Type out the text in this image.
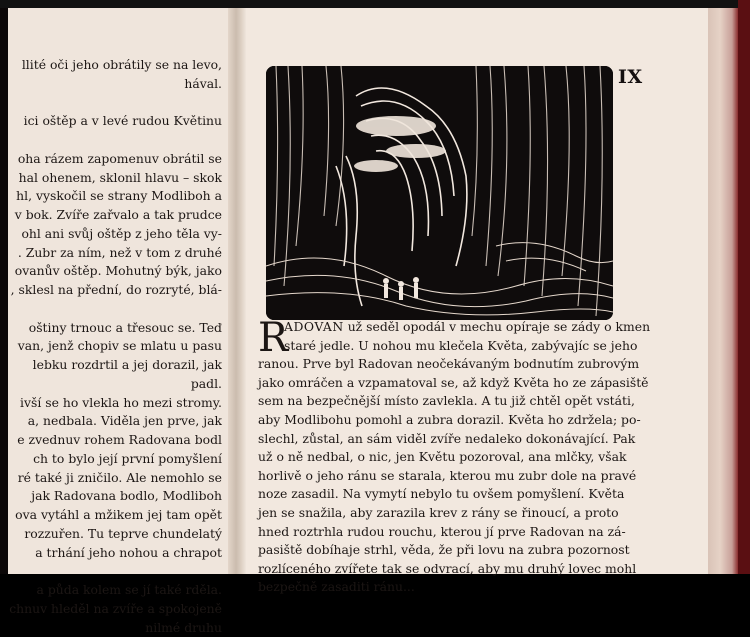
llité oči jeho obrátily se na levo,
hával.

ici oštěp a v levé rudou Květinu

oha rázem zapomenuv obrátil se
hal ohenem, sklonil hlavu – skok
hl, vyskočil se strany Modliboh a
v bok. Zvíře zařvalo a tak prudce
ohl ani svůj oštěp z jeho těla vy-
. Zubr za ním, než v tom z druhé
ovanův oštěp. Mohutný býk, jako
, sklesl na přední, do rozryté, blá-

oštiny trnouc a třesouc se. Teď
van, jenž chopiv se mlatu u pasu
lebku rozdrtil a jej dorazil, jak
padl.
ivší se ho vlekla ho mezi stromy.
a, nedbala. Viděla jen prve, jak
e zvednuv rohem Radovana bodl
ch to bylo její první pomyšlení
ré také ji zničilo. Ale nemohlo se
jak Radovana bodlo, Modliboh
ova vytáhl a mžikem jej tam opět
rozzuřen. Tu teprve chundelatý
a trhání jeho nohou a chrapot

a půda kolem se jí také rděla.
chnuv hleděl na zvíře a spokojeně
nilmé druhu
IX
R
ADOVAN už seděl opodál v mechu opíraje se zády o kmen
staré jedle. U nohou mu klečela Květa, zabývajíc se jeho
ranou. Prve byl Radovan neočekávaným bodnutím zubrovým
jako omráčen a vzpamatoval se, až když Květa ho ze zápasiště
sem na bezpečnější místo zavlekla. A tu již chtěl opět vstáti,
aby Modlibohu pomohl a zubra dorazil. Květa ho zdržela; po-
slechl, zůstal, an sám viděl zvíře nedaleko dokonávající. Pak
už o ně nedbal, o nic, jen Květu pozoroval, ana mlčky, však
horlivě o jeho ránu se starala, kterou mu zubr dole na pravé
noze zasadil. Na vymytí nebylo tu ovšem pomyšlení. Květa
jen se snažila, aby zarazila krev z rány se řinoucí, a proto
hned roztrhla rudou rouchu, kterou jí prve Radovan na zá-
pasiště dobíhaje strhl, věda, že při lovu na zubra pozornost
rozlíceného zvířete tak se odvrací, aby mu druhý lovec mohl
bezpečně zasaditi ránu...
